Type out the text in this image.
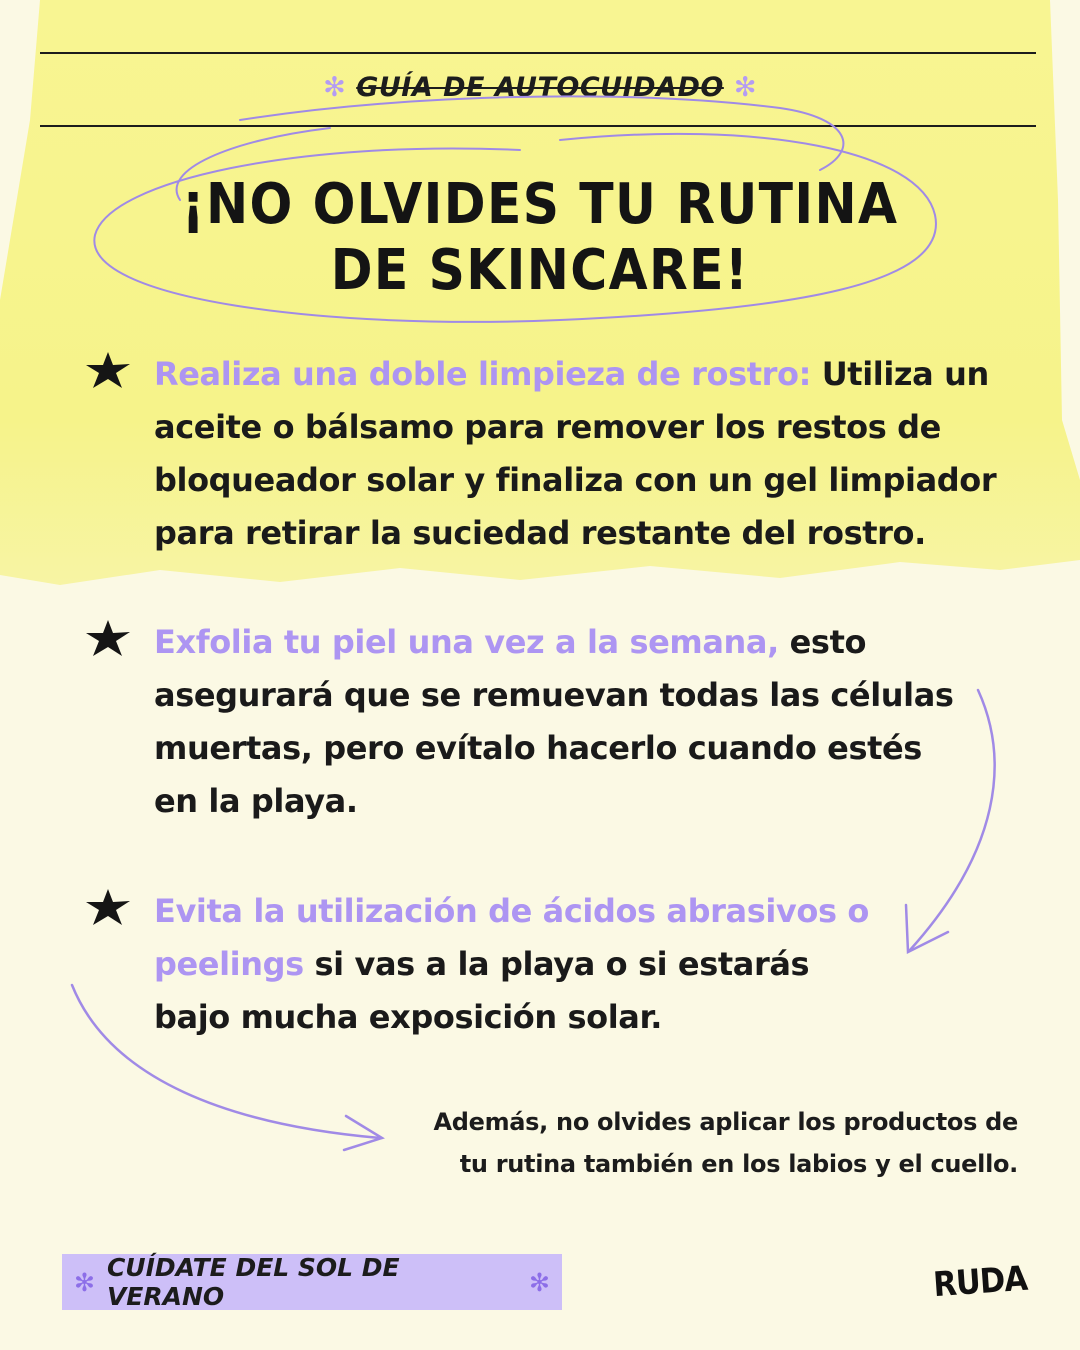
✻ GUÍA DE AUTOCUIDADO ✻
¡NO OLVIDES TU RUTINA
DE SKINCARE!
Realiza una doble limpieza de rostro: Utiliza un aceite o bálsamo para remover los restos de bloqueador solar y finaliza con un gel limpiador para retirar la suciedad restante del rostro.
Exfolia tu piel una vez a la semana, esto asegurará que se remuevan todas las células muertas, pero evítalo hacerlo cuando estés en la playa.
Evita la utilización de ácidos abrasivos o peelings si vas a la playa o si estarás bajo mucha exposición solar.
Además, no olvides aplicar los productos de
tu rutina también en los labios y el cuello.
✻ CUÍDATE DEL SOL DE VERANO	✻	RUDA
